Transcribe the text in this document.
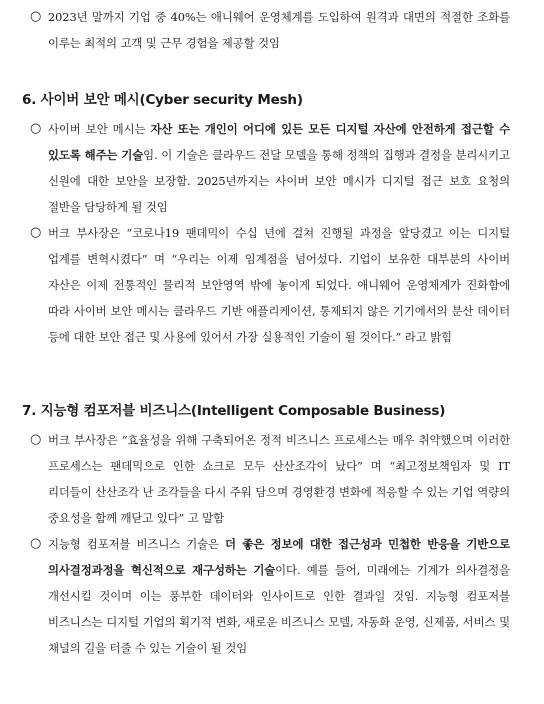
○ 2023년 말까지 기업 중 40%는 애니웨어 운영체계를 도입하여 원격과 대면의 적절한 조화를 이루는 최적의 고객 및 근무 경험을 제공할 것임
6. 사이버 보안 메시(Cyber security Mesh)
○ 사이버 보안 메시는 자산 또는 개인이 어디에 있든 모든 디지털 자산에 안전하게 접근할 수 있도록 해주는 기술임. 이 기술은 클라우드 전달 모델을 통해 정책의 집행과 결정을 분리시키고 신원에 대한 보안을 보장함. 2025년까지는 사이버 보안 메시가 디지털 접근 보호 요청의 절반을 담당하게 될 것임
○ 버크 부사장은 “코로나19 팬데믹이 수십 년에 걸쳐 진행될 과정을 앞당겼고 이는 디지털 업계를 변혁시켰다” 며 “우리는 이제 임계점을 넘어섰다. 기업이 보유한 대부분의 사이버 자산은 이제 전통적인 물리적 보안영역 밖에 놓이게 되었다. 애니웨어 운영체계가 진화함에 따라 사이버 보안 메시는 클라우드 기반 애플리케이션, 통제되지 않은 기기에서의 분산 데이터 등에 대한 보안 접근 및 사용에 있어서 가장 실용적인 기술이 될 것이다.” 라고 밝힘
7. 지능형 컴포저블 비즈니스(Intelligent Composable Business)
○ 버크 부사장은 “효율성을 위해 구축되어온 정적 비즈니스 프로세스는 매우 취약했으며 이러한 프로세스는 팬데믹으로 인한 쇼크로 모두 산산조각이 났다” 며 “최고정보책임자 및 IT 리더들이 산산조각 난 조각들을 다시 주워 담으며 경영환경 변화에 적응할 수 있는 기업 역량의 중요성을 함께 깨닫고 있다” 고 말함
○ 지능형 컴포저블 비즈니스 기술은 더 좋은 정보에 대한 접근성과 민첩한 반응을 기반으로 의사결정과정을 혁신적으로 재구성하는 기술이다. 예를 들어, 미래에는 기계가 의사결정을 개선시킬 것이며 이는 풍부한 데이터와 인사이트로 인한 결과일 것임. 지능형 컴포저블 비즈니스는 디지털 기업의 획기적 변화, 새로운 비즈니스 모델, 자동화 운영, 신제품, 서비스 및 채널의 길을 터줄 수 있는 기술이 될 것임
